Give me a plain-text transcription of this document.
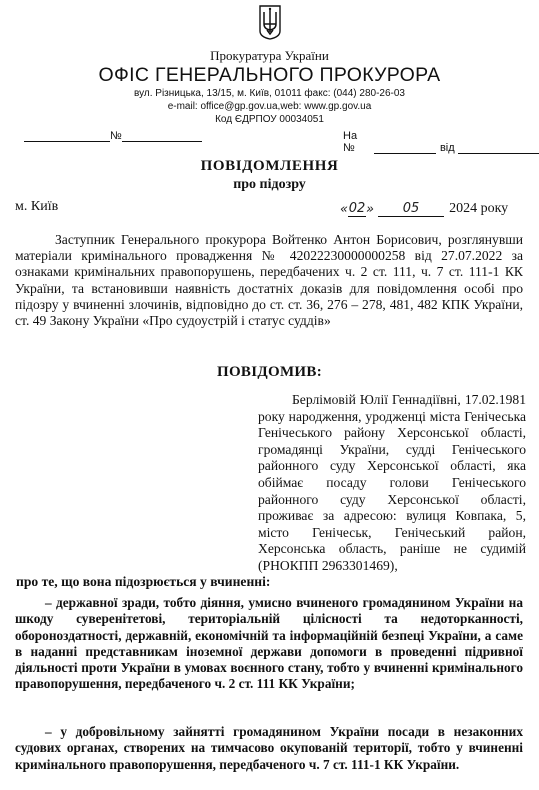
Прокуратура України
ОФІС ГЕНЕРАЛЬНОГО ПРОКУРОРА
вул. Різницька, 13/15, м. Київ, 01011 факс: (044) 280-26-03
e-mail: office@gp.gov.ua,web: www.gp.gov.ua
Код ЄДРПОУ 00034051
№	На №	від
ПОВІДОМЛЕННЯ
про підозру
м. Київ	« 02 »	05	2024 року

Заступник Генерального прокурора Войтенко Антон Борисович, розглянувши матеріали кримінального провадження № 42022230000000258 від 27.07.2022 за ознаками кримінальних правопорушень, передбачених ч. 2 ст. 111, ч. 7 ст. 111-1 КК України, та встановивши наявність достатніх доказів для повідомлення особі про підозру у вчиненні злочинів, відповідно до ст. ст. 36, 276 – 278, 481, 482 КПК України, ст. 49 Закону України «Про судоустрій і статус суддів»

ПОВІДОМИВ:

Берлімовій Юлії Геннадіївні, 17.02.1981 року народження, уродженці міста Генічеська Генічеського району Херсонської області, громадянці України, судді Генічеського районного суду Херсонської області, яка обіймає посаду голови Генічеського районного суду Херсонської області, проживає за адресою: вулиця Ковпака, 5, місто Генічеськ, Генічеський район, Херсонська область, раніше не судимій (РНОКПП 2963301469),

про те, що вона підозрюється у вчиненні:

– державної зради, тобто діяння, умисно вчиненого громадянином України на шкоду суверенітетові, територіальній цілісності та недоторканності, обороноздатності, державній, економічній та інформаційній безпеці України, а саме в наданні представникам іноземної держави допомоги в проведенні підривної діяльності проти України в умовах воєнного стану, тобто у вчиненні кримінального правопорушення, передбаченого ч. 2 ст. 111 КК України;

– у добровільному зайнятті громадянином України посади в незаконних судових органах, створених на тимчасово окупованій території, тобто у вчиненні кримінального правопорушення, передбаченого ч. 7 ст. 111-1 КК України.
